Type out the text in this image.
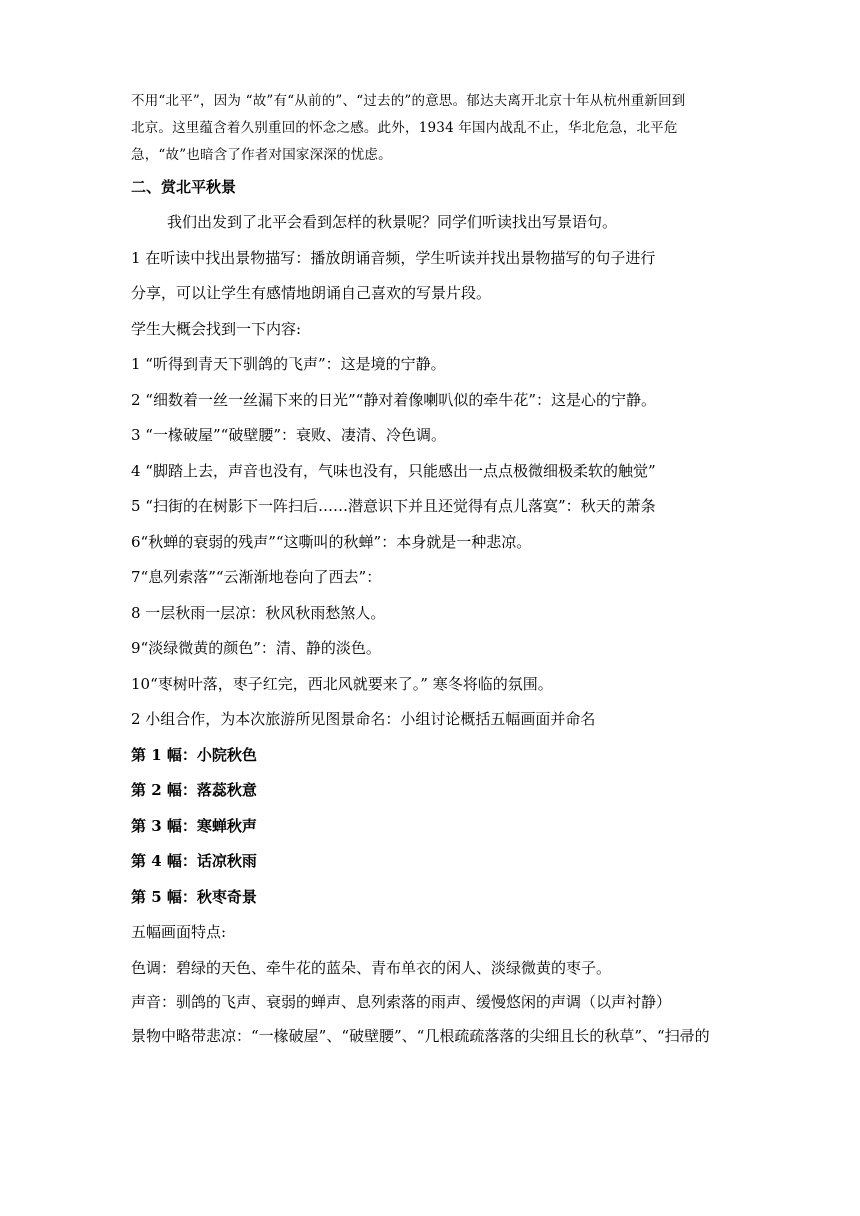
不用“北平”，因为 “故”有“从前的”、“过去的”的意思。郁达夫离开北京十年从杭州重新回到
北京。这里蕴含着久别重回的怀念之感。此外，1934 年国内战乱不止，华北危急，北平危
急，“故”也暗含了作者对国家深深的忧虑。

二、赏北平秋景

我们出发到了北平会看到怎样的秋景呢？同学们听读找出写景语句。

1 在听读中找出景物描写：播放朗诵音频，学生听读并找出景物描写的句子进行

分享，可以让学生有感情地朗诵自己喜欢的写景片段。

学生大概会找到一下内容:

1 “听得到青天下驯鸽的飞声”：这是境的宁静。

2 “细数着一丝一丝漏下来的日光”“静对着像喇叭似的牵牛花”：这是心的宁静。

3 “一椽破屋”“破壁腰”：衰败、凄清、冷色调。

4 “脚踏上去，声音也没有，气味也没有，只能感出一点点极微细极柔软的触觉”

5 “扫街的在树影下一阵扫后……潜意识下并且还觉得有点儿落寞”：秋天的萧条

6“秋蝉的衰弱的残声”“这嘶叫的秋蝉”：本身就是一种悲凉。

7“息列索落”“云渐渐地卷向了西去”：

8 一层秋雨一层凉：秋风秋雨愁煞人。

9“淡绿微黄的颜色”：清、静的淡色。

10“枣树叶落，枣子红完，西北风就要来了。” 寒冬将临的氛围。

2 小组合作，为本次旅游所见图景命名：小组讨论概括五幅画面并命名

第 1 幅：小院秋色

第 2 幅：落蕊秋意

第 3 幅：寒蝉秋声

第 4 幅：话凉秋雨

第 5 幅：秋枣奇景

五幅画面特点:

色调：碧绿的天色、牵牛花的蓝朵、青布单衣的闲人、淡绿微黄的枣子。

声音：驯鸽的飞声、衰弱的蝉声、息列索落的雨声、缓慢悠闲的声调（以声衬静）

景物中略带悲凉：“一椽破屋”、“破壁腰”、“几根疏疏落落的尖细且长的秋草”、“扫帚的
